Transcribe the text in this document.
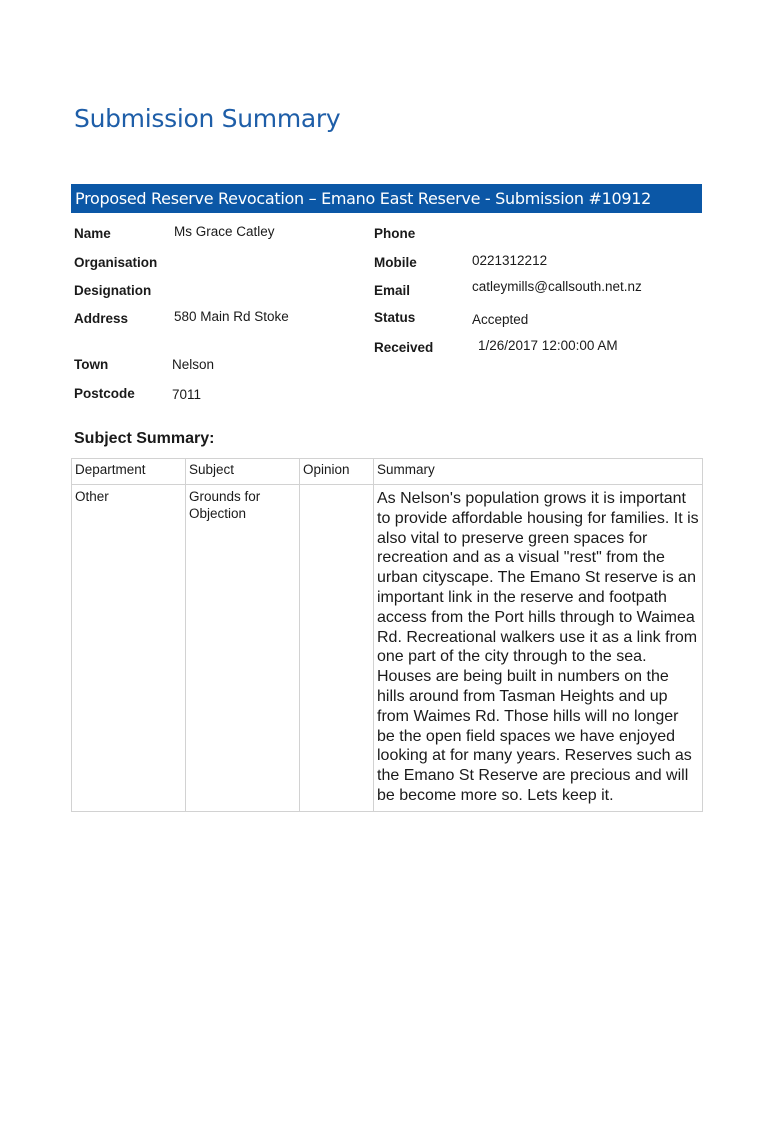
Submission Summary
Proposed Reserve Revocation – Emano East Reserve - Submission #10912
Name	Ms Grace Catley
Organisation
Designation
Address	580 Main Rd Stoke
Town	Nelson
Postcode	7011
Phone
Mobile	0221312212
Email	catleymills@callsouth.net.nz
Status	Accepted
Received	1/26/2017 12:00:00 AM
Subject Summary:
Department	Subject	Opinion	Summary
Other	Grounds for Objection		As Nelson's population grows it is important to provide affordable housing for families. It is also vital to preserve green spaces for recreation and as a visual "rest" from the urban cityscape. The Emano St reserve is an important link in the reserve and footpath access from the Port hills through to Waimea Rd. Recreational walkers use it as a link from one part of the city through to the sea. Houses are being built in numbers on the hills around from Tasman Heights and up from Waimes Rd. Those hills will no longer be the open field spaces we have enjoyed looking at for many years. Reserves such as the Emano St Reserve are precious and will be become more so. Lets keep it.
